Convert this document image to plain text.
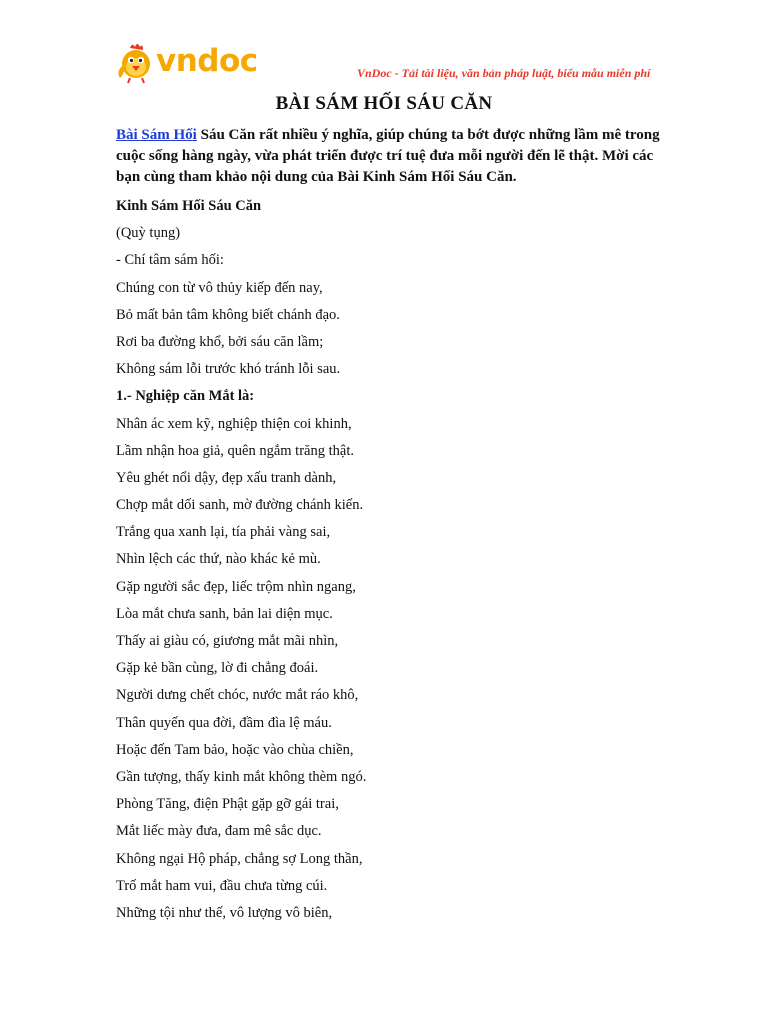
vndoc	VnDoc - Tải tài liệu, văn bản pháp luật, biểu mẫu miễn phí
BÀI SÁM HỐI SÁU CĂN

Bài Sám Hối Sáu Căn rất nhiều ý nghĩa, giúp chúng ta bớt được những lầm mê trong cuộc sống hàng ngày, vừa phát triển được trí tuệ đưa mỗi người đến lẽ thật. Mời các bạn cùng tham khảo nội dung của Bài Kinh Sám Hối Sáu Căn.

Kinh Sám Hối Sáu Căn
(Quỳ tụng)
- Chí tâm sám hối:
Chúng con từ vô thủy kiếp đến nay,
Bỏ mất bản tâm không biết chánh đạo.
Rơi ba đường khổ, bởi sáu căn lầm;
Không sám lỗi trước khó tránh lỗi sau.
1.- Nghiệp căn Mắt là:
Nhân ác xem kỹ, nghiệp thiện coi khinh,
Lầm nhận hoa giả, quên ngắm trăng thật.
Yêu ghét nổi dậy, đẹp xấu tranh dành,
Chợp mắt dối sanh, mờ đường chánh kiến.
Trắng qua xanh lại, tía phải vàng sai,
Nhìn lệch các thứ, nào khác kẻ mù.
Gặp người sắc đẹp, liếc trộm nhìn ngang,
Lòa mắt chưa sanh, bản lai diện mục.
Thấy ai giàu có, giương mắt mãi nhìn,
Gặp kẻ bần cùng, lờ đi chẳng đoái.
Người dưng chết chóc, nước mắt ráo khô,
Thân quyến qua đời, đầm đìa lệ máu.
Hoặc đến Tam bảo, hoặc vào chùa chiền,
Gần tượng, thấy kinh mắt không thèm ngó.
Phòng Tăng, điện Phật gặp gỡ gái trai,
Mắt liếc mày đưa, đam mê sắc dục.
Không ngại Hộ pháp, chẳng sợ Long thần,
Trố mắt ham vui, đầu chưa từng cúi.
Những tội như thế, vô lượng vô biên,
